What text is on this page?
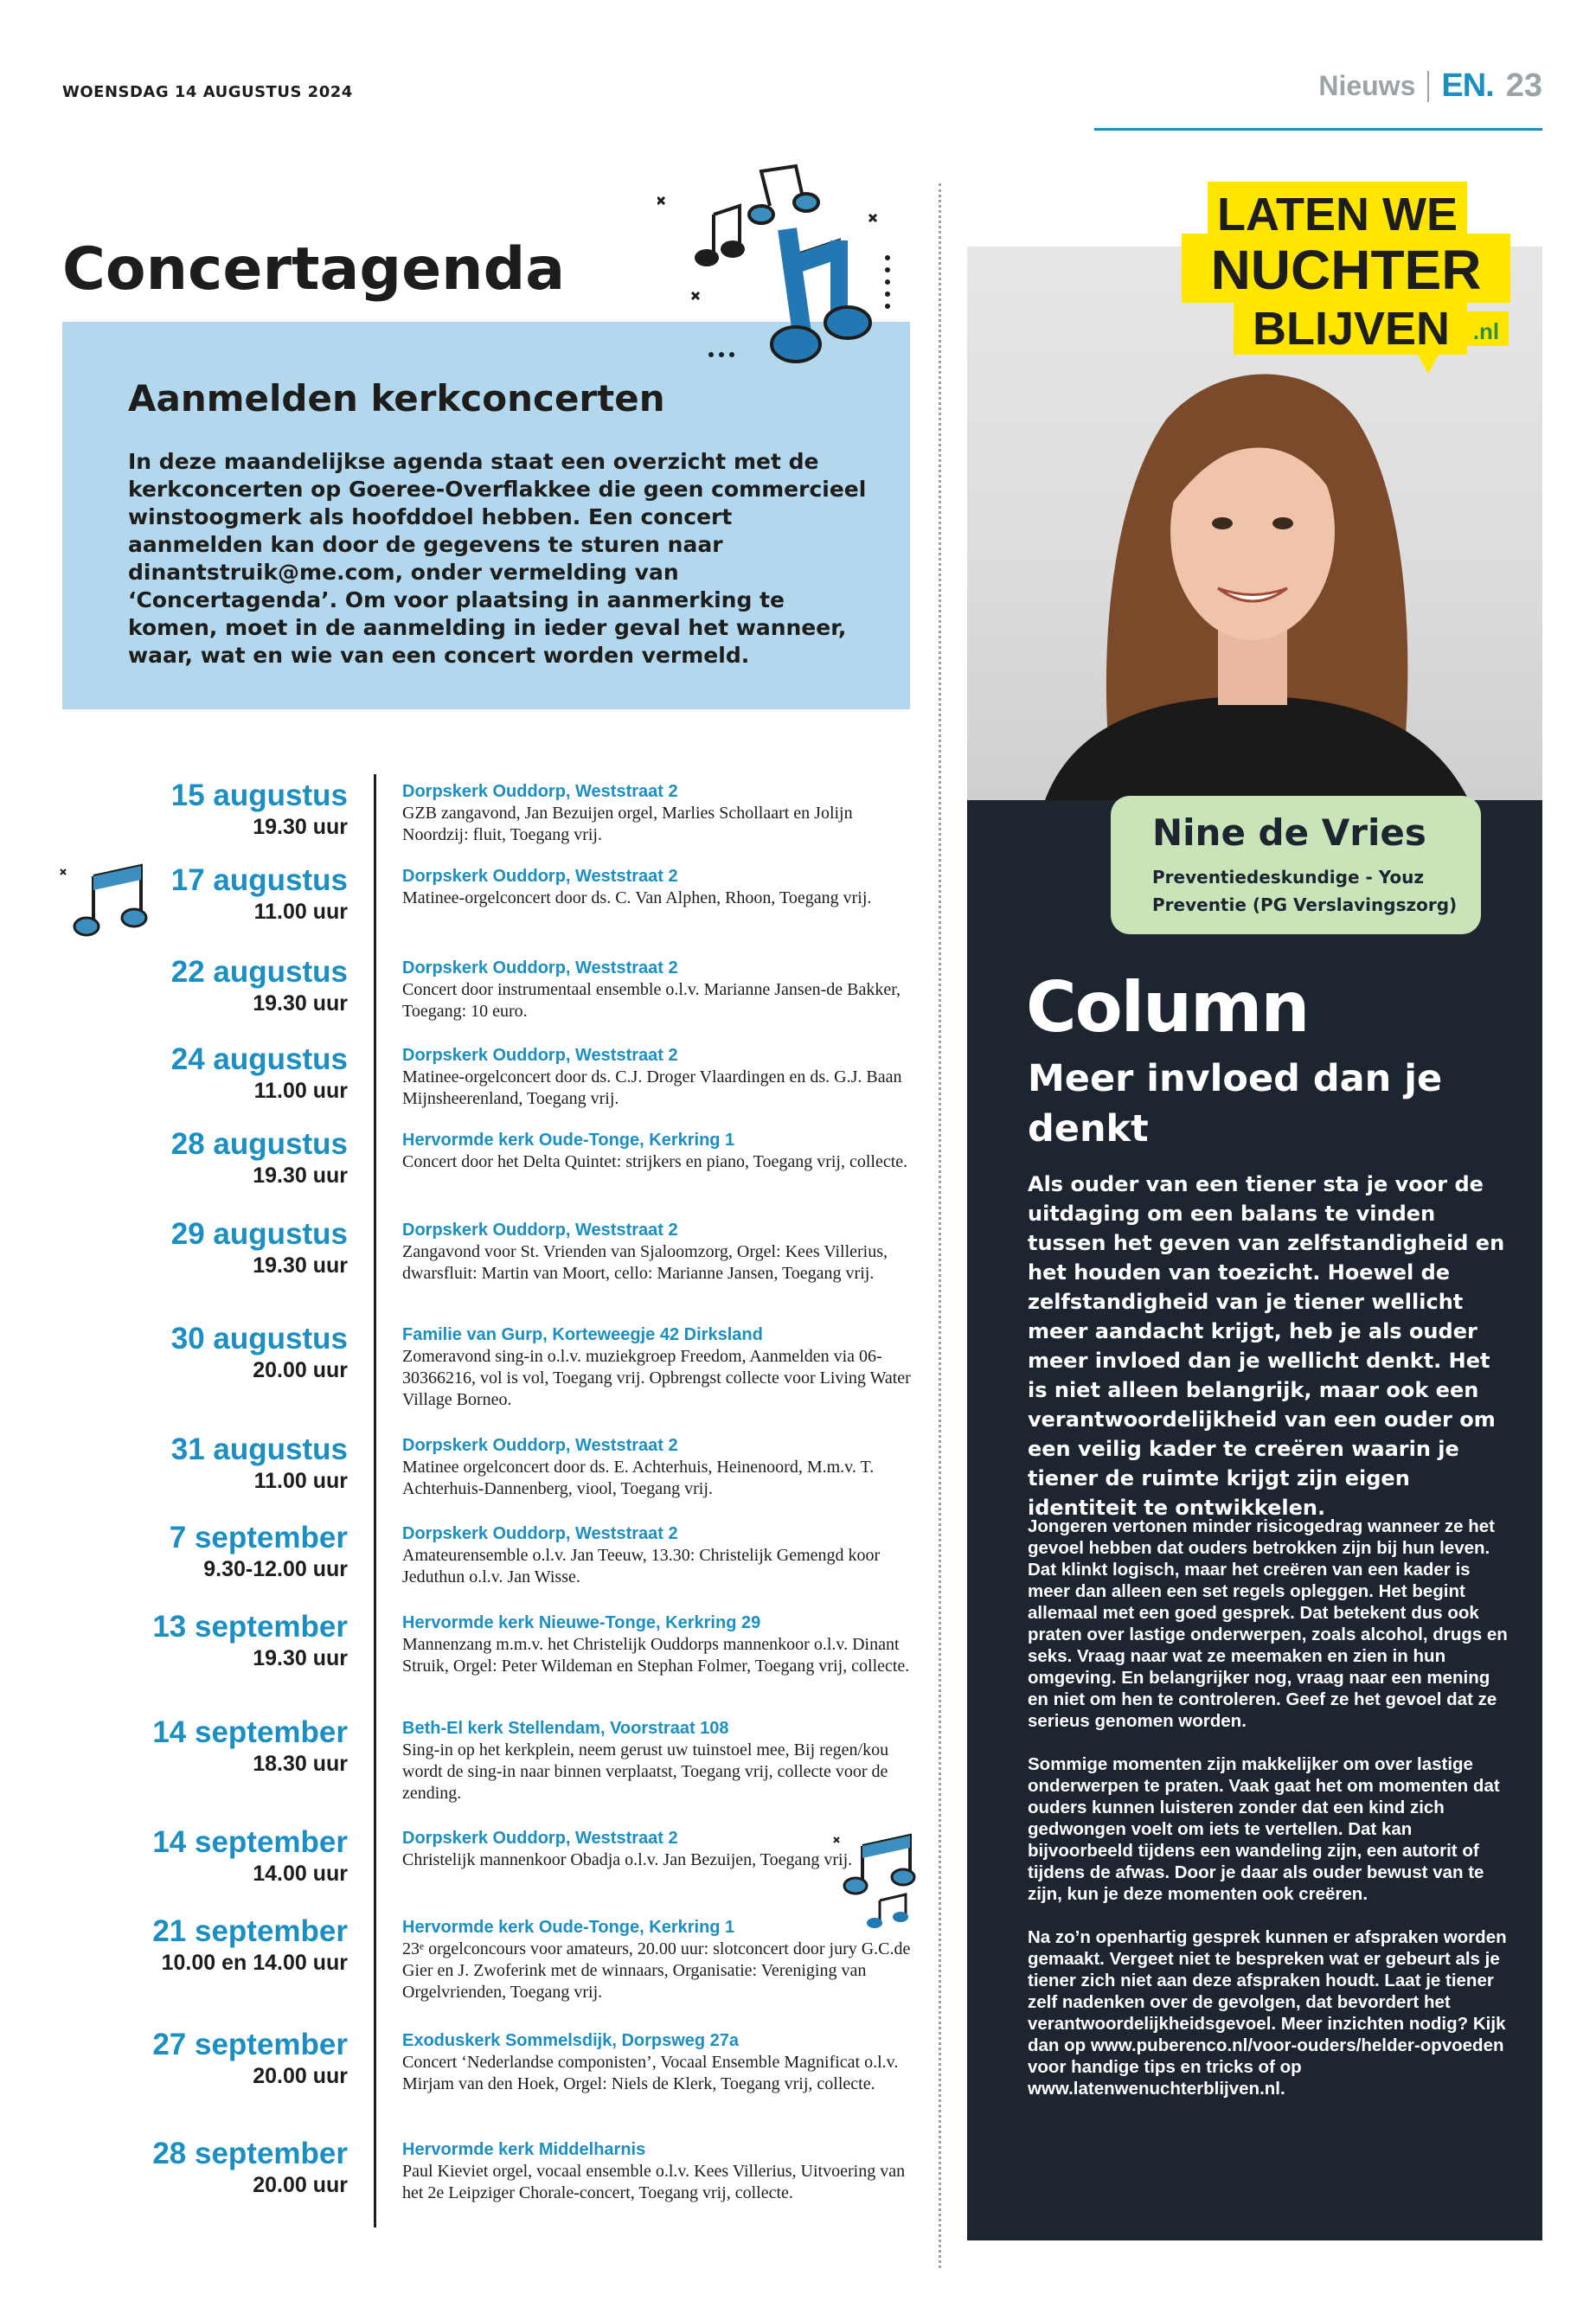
WOENSDAG 14 AUGUSTUS 2024	Nieuws EN. 23
Concertagenda
Aanmelden kerkconcerten
In deze maandelijkse agenda staat een overzicht met de kerkconcerten op Goeree-Overflakkee die geen commercieel winstoogmerk als hoofddoel hebben. Een concert aanmelden kan door de gegevens te sturen naar dinantstruik@me.com, onder vermelding van ‘Concertagenda’. Om voor plaatsing in aanmerking te komen, moet in de aanmelding in ieder geval het wanneer, waar, wat en wie van een concert worden vermeld.
15 augustus
19.30 uur
Dorpskerk Ouddorp, Weststraat 2
GZB zangavond, Jan Bezuijen orgel, Marlies Schollaart en Jolijn Noordzij: fluit, Toegang vrij.
17 augustus
11.00 uur
Dorpskerk Ouddorp, Weststraat 2
Matinee-orgelconcert door ds. C. Van Alphen, Rhoon, Toegang vrij.
22 augustus
19.30 uur
Dorpskerk Ouddorp, Weststraat 2
Concert door instrumentaal ensemble o.l.v. Marianne Jansen-de Bakker, Toegang: 10 euro.
24 augustus
11.00 uur
Dorpskerk Ouddorp, Weststraat 2
Matinee-orgelconcert door ds. C.J. Droger Vlaardingen en ds. G.J. Baan Mijnsheerenland, Toegang vrij.
28 augustus
19.30 uur
Hervormde kerk Oude-Tonge, Kerkring 1
Concert door het Delta Quintet: strijkers en piano, Toegang vrij, collecte.
29 augustus
19.30 uur
Dorpskerk Ouddorp, Weststraat 2
Zangavond voor St. Vrienden van Sjaloomzorg, Orgel: Kees Villerius, dwarsfluit: Martin van Moort, cello: Marianne Jansen, Toegang vrij.
30 augustus
20.00 uur
Familie van Gurp, Korteweegje 42 Dirksland
Zomeravond sing-in o.l.v. muziekgroep Freedom, Aanmelden via 06-30366216, vol is vol, Toegang vrij. Opbrengst collecte voor Living Water Village Borneo.
31 augustus
11.00 uur
Dorpskerk Ouddorp, Weststraat 2
Matinee orgelconcert door ds. E. Achterhuis, Heinenoord, M.m.v. T. Achterhuis-Dannenberg, viool, Toegang vrij.
7 september
9.30-12.00 uur
Dorpskerk Ouddorp, Weststraat 2
Amateurensemble o.l.v. Jan Teeuw, 13.30: Christelijk Gemengd koor Jeduthun o.l.v. Jan Wisse.
13 september
19.30 uur
Hervormde kerk Nieuwe-Tonge, Kerkring 29
Mannenzang m.m.v. het Christelijk Ouddorps mannenkoor o.l.v. Dinant Struik, Orgel: Peter Wildeman en Stephan Folmer, Toegang vrij, collecte.
14 september
18.30 uur
Beth-El kerk Stellendam, Voorstraat 108
Sing-in op het kerkplein, neem gerust uw tuinstoel mee, Bij regen/kou wordt de sing-in naar binnen verplaatst, Toegang vrij, collecte voor de zending.
14 september
14.00 uur
Dorpskerk Ouddorp, Weststraat 2
Christelijk mannenkoor Obadja o.l.v. Jan Bezuijen, Toegang vrij.
21 september
10.00 en 14.00 uur
Hervormde kerk Oude-Tonge, Kerkring 1
23ᵉ orgelconcours voor amateurs, 20.00 uur: slotconcert door jury G.C.de Gier en J. Zwoferink met de winnaars, Organisatie: Vereniging van Orgelvrienden, Toegang vrij.
27 september
20.00 uur
Exoduskerk Sommelsdijk, Dorpsweg 27a
Concert ‘Nederlandse componisten’, Vocaal Ensemble Magnificat o.l.v. Mirjam van den Hoek, Orgel: Niels de Klerk, Toegang vrij, collecte.
28 september
20.00 uur
Hervormde kerk Middelharnis
Paul Kieviet orgel, vocaal ensemble o.l.v. Kees Villerius, Uitvoering van het 2e Leipziger Chorale-concert, Toegang vrij, collecte.
LATEN WE
NUCHTER
BLIJVEN .nl
Nine de Vries
Preventiedeskundige - Youz Preventie (PG Verslavingszorg)
Column
Meer invloed dan je denkt
Als ouder van een tiener sta je voor de uitdaging om een balans te vinden tussen het geven van zelfstandigheid en het houden van toezicht. Hoewel de zelfstandigheid van je tiener wellicht meer aandacht krijgt, heb je als ouder meer invloed dan je wellicht denkt. Het is niet alleen belangrijk, maar ook een verantwoordelijkheid van een ouder om een veilig kader te creëren waarin je tiener de ruimte krijgt zijn eigen identiteit te ontwikkelen.

Jongeren vertonen minder risicogedrag wanneer ze het gevoel hebben dat ouders betrokken zijn bij hun leven. Dat klinkt logisch, maar het creëren van een kader is meer dan alleen een set regels opleggen. Het begint allemaal met een goed gesprek. Dat betekent dus ook praten over lastige onderwerpen, zoals alcohol, drugs en seks. Vraag naar wat ze meemaken en zien in hun omgeving. En belangrijker nog, vraag naar een mening en niet om hen te controleren. Geef ze het gevoel dat ze serieus genomen worden.

Sommige momenten zijn makkelijker om over lastige onderwerpen te praten. Vaak gaat het om momenten dat ouders kunnen luisteren zonder dat een kind zich gedwongen voelt om iets te vertellen. Dat kan bijvoorbeeld tijdens een wandeling zijn, een autorit of tijdens de afwas. Door je daar als ouder bewust van te zijn, kun je deze momenten ook creëren.

Na zo’n openhartig gesprek kunnen er afspraken worden gemaakt. Vergeet niet te bespreken wat er gebeurt als je tiener zich niet aan deze afspraken houdt. Laat je tiener zelf nadenken over de gevolgen, dat bevordert het verantwoordelijkheidsgevoel. Meer inzichten nodig? Kijk dan op www.puberenco.nl/voor-ouders/helder-opvoeden voor handige tips en tricks of op www.latenwenuchterblijven.nl.
